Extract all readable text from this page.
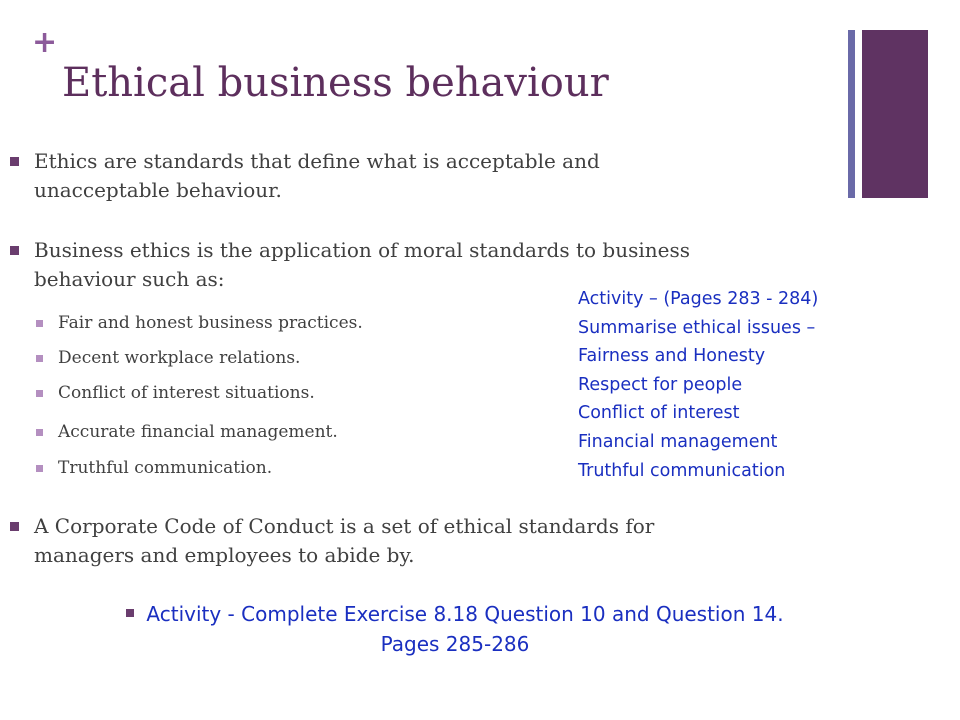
+
Ethical business behaviour
Ethics are standards that define what is acceptable and
unacceptable behaviour.
Business ethics is the application of moral standards to business
behaviour such as:
Fair and honest business practices.
Decent workplace relations.
Conflict of interest situations.
Accurate financial management.
Truthful communication.
Activity – (Pages 283 - 284)
Summarise ethical issues –
Fairness and Honesty
Respect for people
Conflict of interest
Financial management
Truthful communication
A Corporate Code of Conduct is a set of ethical standards for
managers and employees to abide by.
Activity - Complete Exercise 8.18 Question 10 and Question 14.
Pages 285-286
